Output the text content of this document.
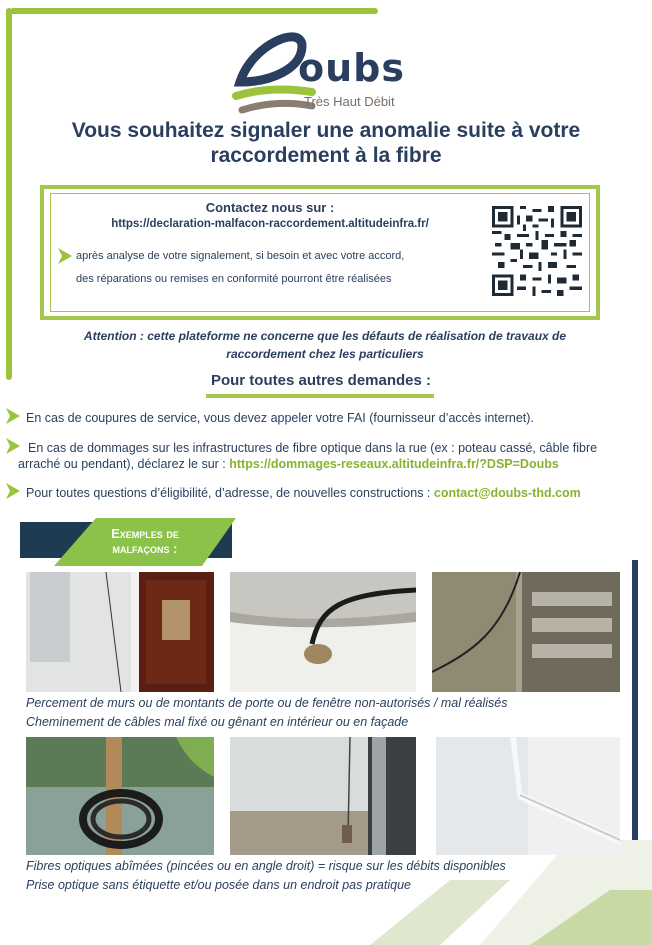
oubs
Très Haut Débit
Vous souhaitez signaler une anomalie suite à votre raccordement à la fibre
Contactez nous sur :
https://declaration-malfacon-raccordement.altitudeinfra.fr/
après analyse de votre signalement, si besoin et avec votre accord,
des réparations ou remises en conformité pourront être réalisées
Attention : cette plateforme ne concerne que les défauts de réalisation de travaux de raccordement chez les particuliers
Pour toutes autres demandes :
En cas de coupures de service, vous devez appeler votre FAI (fournisseur d’accès internet).
En cas de dommages sur les infrastructures de fibre optique dans la rue (ex : poteau cassé, câble fibre arraché ou pendant), déclarez le sur : https://dommages-reseaux.altitudeinfra.fr/?DSP=Doubs
Pour toutes questions d’éligibilité, d’adresse, de nouvelles constructions : contact@doubs-thd.com
Exemples de
malfaçons :
Percement de murs ou de montants de porte ou de fenêtre non-autorisés / mal réalisés
Cheminement de câbles mal fixé ou gênant en intérieur ou en façade
Fibres optiques abîmées (pincées ou en angle droit) = risque sur les débits disponibles
Prise optique sans étiquette et/ou posée dans un endroit pas pratique
